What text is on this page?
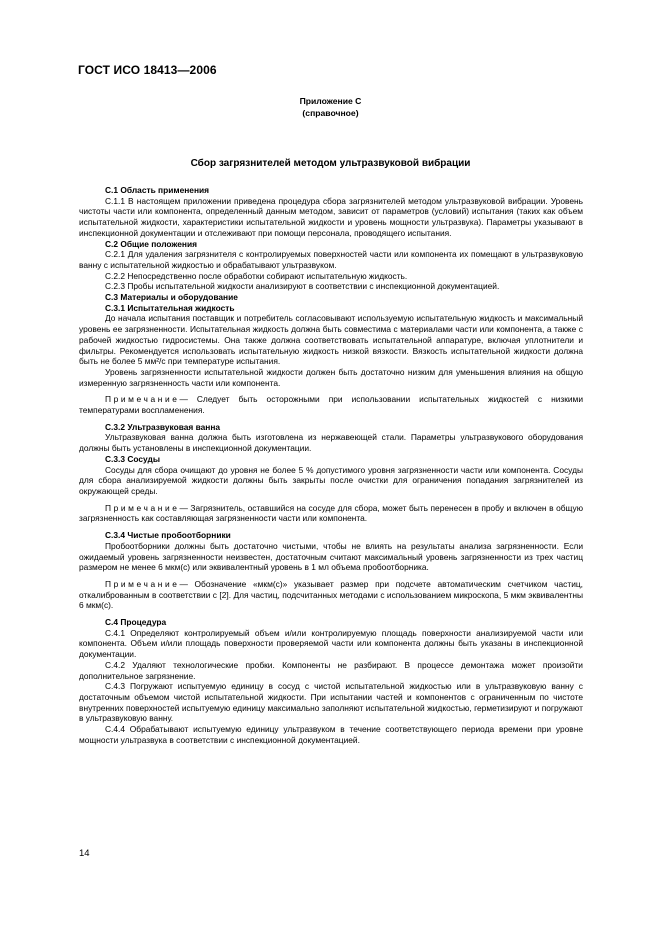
ГОСТ ИСО 18413—2006
Приложение С
(справочное)
Сбор загрязнителей методом ультразвуковой вибрации

С.1 Область применения

С.1.1 В настоящем приложении приведена процедура сбора загрязнителей методом ультразвуковой вибрации. Уровень чистоты части или компонента, определенный данным методом, зависит от параметров (условий) испытания (таких как объем испытательной жидкости, характеристики испытательной жидкости и уровень мощности ультразвука). Параметры указывают в инспекционной документации и отслеживают при помощи персонала, проводящего испытания.

С.2 Общие положения

С.2.1 Для удаления загрязнителя с контролируемых поверхностей части или компонента их помещают в ультразвуковую ванну с испытательной жидкостью и обрабатывают ультразвуком.

С.2.2 Непосредственно после обработки собирают испытательную жидкость.

С.2.3 Пробы испытательной жидкости анализируют в соответствии с инспекционной документацией.

С.3 Материалы и оборудование

С.3.1 Испытательная жидкость

До начала испытания поставщик и потребитель согласовывают используемую испытательную жидкость и максимальный уровень ее загрязненности. Испытательная жидкость должна быть совместима с материалами части или компонента, а также с рабочей жидкостью гидросистемы. Она также должна соответствовать испытательной аппаратуре, включая уплотнители и фильтры. Рекомендуется использовать испытательную жидкость низкой вязкости. Вязкость испытательной жидкости должна быть не более 5 мм²/с при температуре испытания.

Уровень загрязненности испытательной жидкости должен быть достаточно низким для уменьшения влияния на общую измеренную загрязненность части или компонента.

Примечание— Следует быть осторожными при использовании испытательных жидкостей с низкими температурами воспламенения.

С.3.2 Ультразвуковая ванна

Ультразвуковая ванна должна быть изготовлена из нержавеющей стали. Параметры ультразвукового оборудования должны быть установлены в инспекционной документации.

С.3.3 Сосуды

Сосуды для сбора очищают до уровня не более 5 % допустимого уровня загрязненности части или компонента. Сосуды для сбора анализируемой жидкости должны быть закрыты после очистки для ограничения попадания загрязнителей из окружающей среды.

Примечание— Загрязнитель, оставшийся на сосуде для сбора, может быть перенесен в пробу и включен в общую загрязненность как составляющая загрязненности части или компонента.

С.3.4 Чистые пробоотборники

Пробоотборники должны быть достаточно чистыми, чтобы не влиять на результаты анализа загрязненности. Если ожидаемый уровень загрязненности неизвестен, достаточным считают максимальный уровень загрязненности из трех частиц размером не менее 6 мкм(с) или эквивалентный уровень в 1 мл объема пробоотборника.

Примечание— Обозначение «мкм(с)» указывает размер при подсчете автоматическим счетчиком частиц, откалиброванным в соответствии с [2]. Для частиц, подсчитанных методами с использованием микроскопа, 5 мкм эквивалентны 6 мкм(с).

С.4 Процедура

С.4.1 Определяют контролируемый объем и/или контролируемую площадь поверхности анализируемой части или компонента. Объем и/или площадь поверхности проверяемой части или компонента должны быть указаны в инспекционной документации.

С.4.2 Удаляют технологические пробки. Компоненты не разбирают. В процессе демонтажа может произойти дополнительное загрязнение.

С.4.3 Погружают испытуемую единицу в сосуд с чистой испытательной жидкостью или в ультразвуковую ванну с достаточным объемом чистой испытательной жидкости. При испытании частей и компонентов с ограниченным по чистоте внутренних поверхностей испытуемую единицу максимально заполняют испытательной жидкостью, герметизируют и погружают в ультразвуковую ванну.

С.4.4 Обрабатывают испытуемую единицу ультразвуком в течение соответствующего периода времени при уровне мощности ультразвука в соответствии с инспекционной документацией.

14
